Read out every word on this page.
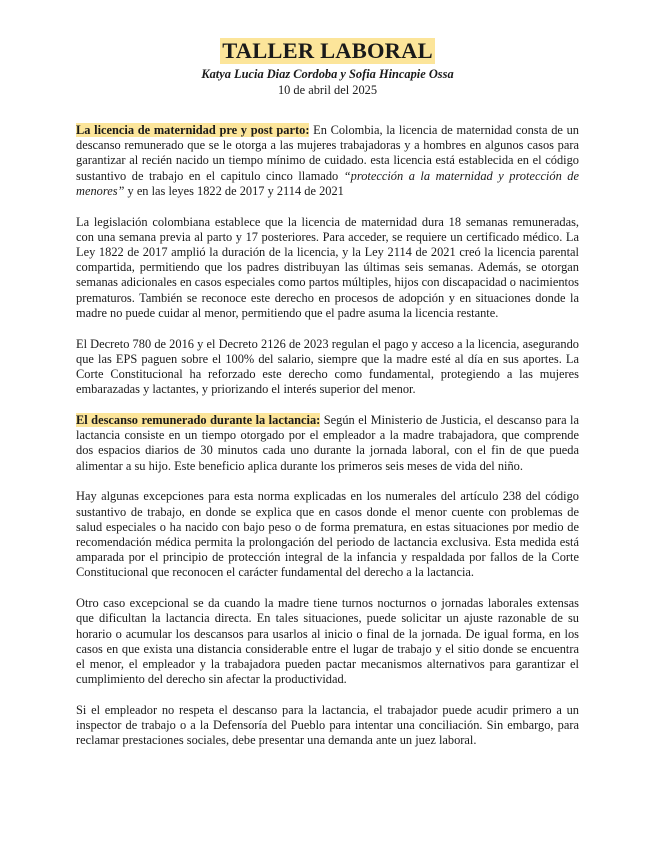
TALLER LABORAL
Katya Lucia Diaz Cordoba y Sofia Hincapie Ossa
10 de abril del 2025

La licencia de maternidad pre y post parto: En Colombia, la licencia de maternidad consta de un descanso remunerado que se le otorga a las mujeres trabajadoras y a hombres en algunos casos para garantizar al recién nacido un tiempo mínimo de cuidado. esta licencia está establecida en el código sustantivo de trabajo en el capitulo cinco llamado “protección a la maternidad y protección de menores” y en las leyes 1822 de 2017 y 2114 de 2021

La legislación colombiana establece que la licencia de maternidad dura 18 semanas remuneradas, con una semana previa al parto y 17 posteriores. Para acceder, se requiere un certificado médico. La Ley 1822 de 2017 amplió la duración de la licencia, y la Ley 2114 de 2021 creó la licencia parental compartida, permitiendo que los padres distribuyan las últimas seis semanas. Además, se otorgan semanas adicionales en casos especiales como partos múltiples, hijos con discapacidad o nacimientos prematuros. También se reconoce este derecho en procesos de adopción y en situaciones donde la madre no puede cuidar al menor, permitiendo que el padre asuma la licencia restante.

El Decreto 780 de 2016 y el Decreto 2126 de 2023 regulan el pago y acceso a la licencia, asegurando que las EPS paguen sobre el 100% del salario, siempre que la madre esté al día en sus aportes. La Corte Constitucional ha reforzado este derecho como fundamental, protegiendo a las mujeres embarazadas y lactantes, y priorizando el interés superior del menor.

El descanso remunerado durante la lactancia: Según el Ministerio de Justicia, el descanso para la lactancia consiste en un tiempo otorgado por el empleador a la madre trabajadora, que comprende dos espacios diarios de 30 minutos cada uno durante la jornada laboral, con el fin de que pueda alimentar a su hijo. Este beneficio aplica durante los primeros seis meses de vida del niño.

Hay algunas excepciones para esta norma explicadas en los numerales del artículo 238 del código sustantivo de trabajo, en donde se explica que en casos donde el menor cuente con problemas de salud especiales o ha nacido con bajo peso o de forma prematura, en estas situaciones por medio de recomendación médica permita la prolongación del periodo de lactancia exclusiva. Esta medida está amparada por el principio de protección integral de la infancia y respaldada por fallos de la Corte Constitucional que reconocen el carácter fundamental del derecho a la lactancia.

Otro caso excepcional se da cuando la madre tiene turnos nocturnos o jornadas laborales extensas que dificultan la lactancia directa. En tales situaciones, puede solicitar un ajuste razonable de su horario o acumular los descansos para usarlos al inicio o final de la jornada. De igual forma, en los casos en que exista una distancia considerable entre el lugar de trabajo y el sitio donde se encuentra el menor, el empleador y la trabajadora pueden pactar mecanismos alternativos para garantizar el cumplimiento del derecho sin afectar la productividad.

Si el empleador no respeta el descanso para la lactancia, el trabajador puede acudir primero a un inspector de trabajo o a la Defensoría del Pueblo para intentar una conciliación. Sin embargo, para reclamar prestaciones sociales, debe presentar una demanda ante un juez laboral.
